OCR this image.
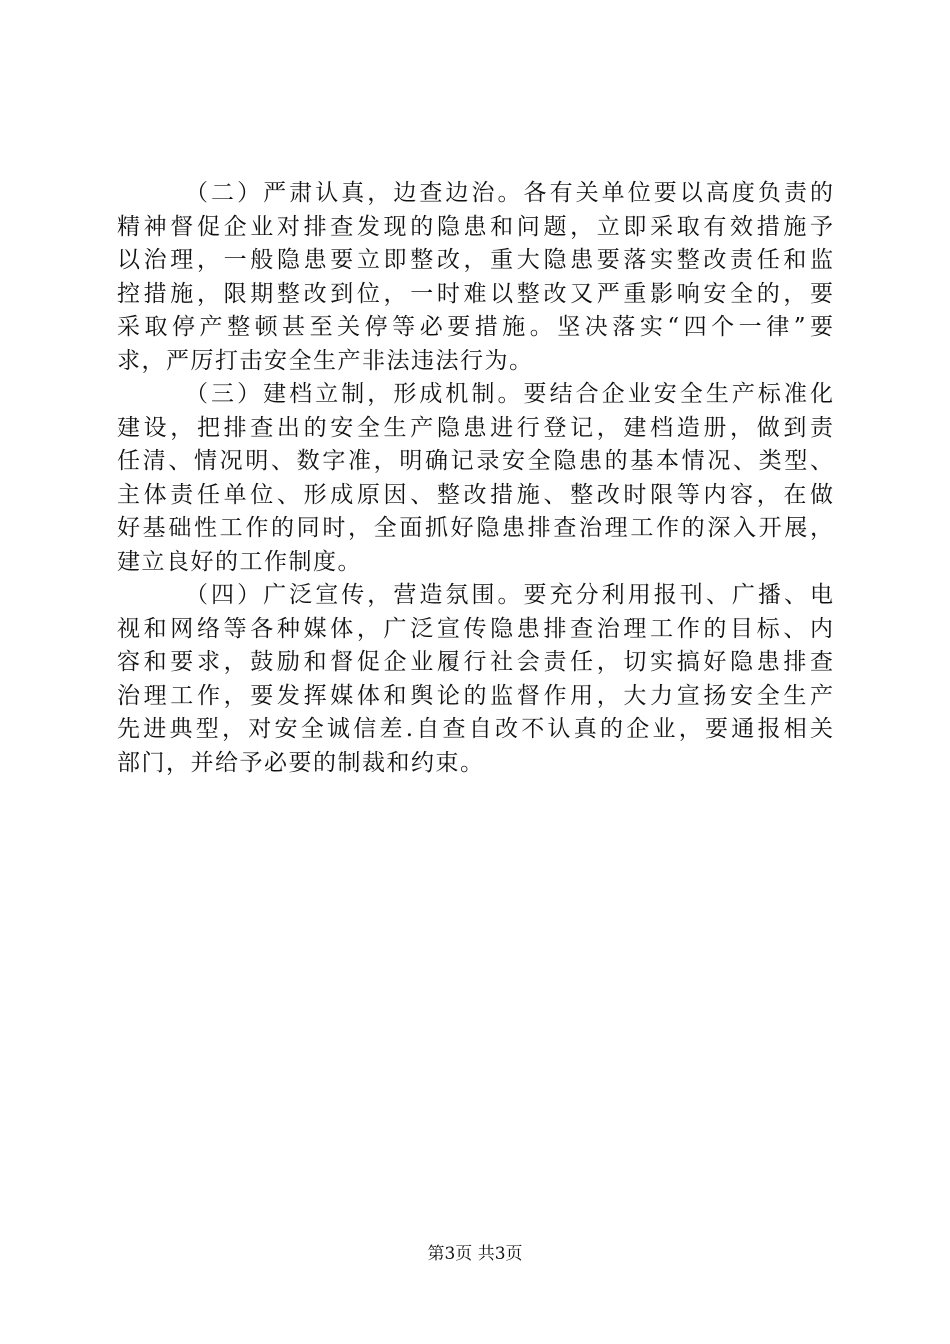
（二）严肃认真，边查边治。各有关单位要以高度负责的
精神督促企业对排查发现的隐患和问题，立即采取有效措施予
以治理，一般隐患要立即整改，重大隐患要落实整改责任和监
控措施，限期整改到位，一时难以整改又严重影响安全的，要
采取停产整顿甚至关停等必要措施。坚决落实“四个一律”要
求，严厉打击安全生产非法违法行为。
（三）建档立制，形成机制。要结合企业安全生产标准化
建设，把排查出的安全生产隐患进行登记，建档造册，做到责
任清、情况明、数字准，明确记录安全隐患的基本情况、类型、
主体责任单位、形成原因、整改措施、整改时限等内容，在做
好基础性工作的同时，全面抓好隐患排查治理工作的深入开展，
建立良好的工作制度。
（四）广泛宣传，营造氛围。要充分利用报刊、广播、电
视和网络等各种媒体，广泛宣传隐患排查治理工作的目标、内
容和要求，鼓励和督促企业履行社会责任，切实搞好隐患排查
治理工作，要发挥媒体和舆论的监督作用，大力宣扬安全生产
先进典型，对安全诚信差.自查自改不认真的企业，要通报相关
部门，并给予必要的制裁和约束。
第3页 共3页
